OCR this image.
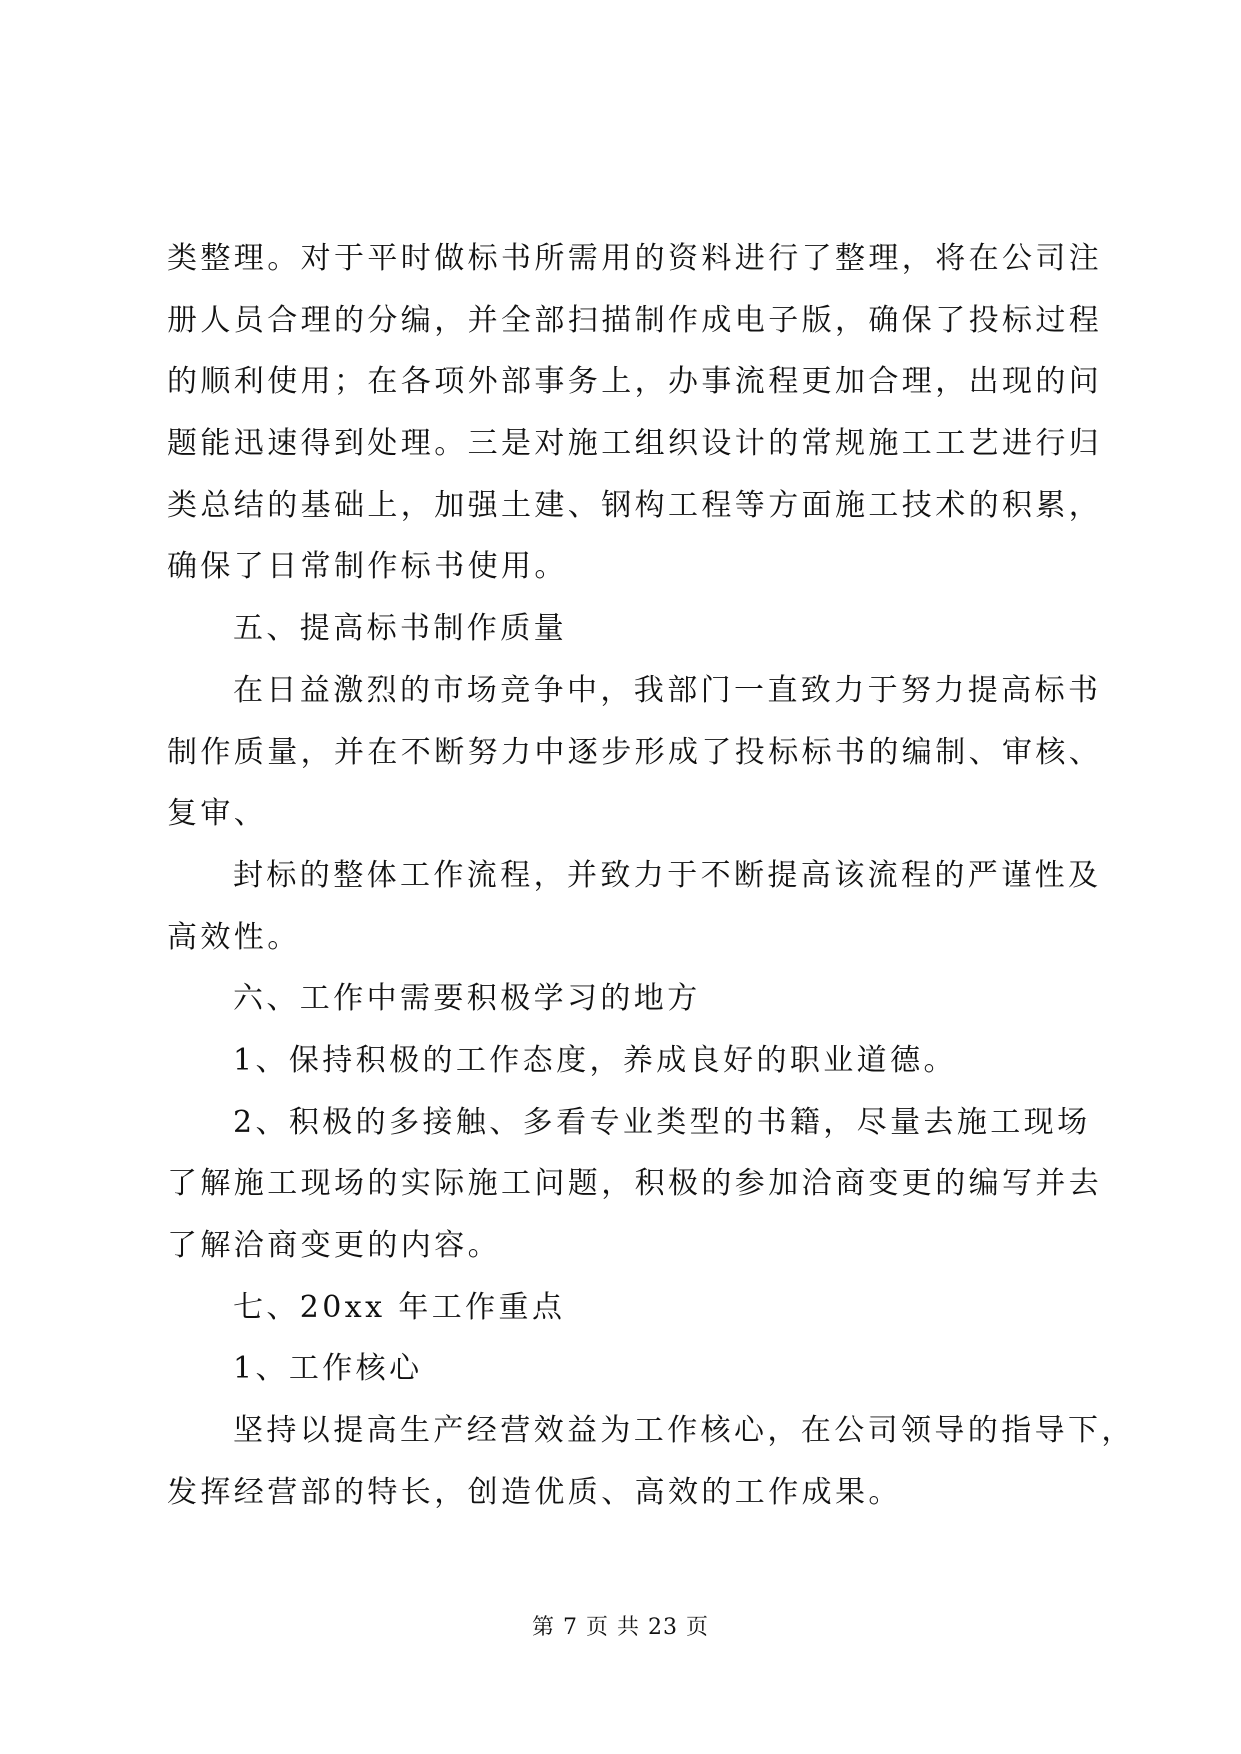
类整理。对于平时做标书所需用的资料进行了整理，将在公司注
册人员合理的分编，并全部扫描制作成电子版，确保了投标过程
的顺利使用；在各项外部事务上，办事流程更加合理，出现的问
题能迅速得到处理。三是对施工组织设计的常规施工工艺进行归
类总结的基础上，加强土建、钢构工程等方面施工技术的积累，
确保了日常制作标书使用。
五、提高标书制作质量
在日益激烈的市场竞争中，我部门一直致力于努力提高标书
制作质量，并在不断努力中逐步形成了投标标书的编制、审核、
复审、
封标的整体工作流程，并致力于不断提高该流程的严谨性及
高效性。
六、工作中需要积极学习的地方
1、保持积极的工作态度，养成良好的职业道德。
2、积极的多接触、多看专业类型的书籍，尽量去施工现场
了解施工现场的实际施工问题，积极的参加洽商变更的编写并去
了解洽商变更的内容。
七、20xx 年工作重点
1、工作核心
坚持以提高生产经营效益为工作核心，在公司领导的指导下，
发挥经营部的特长，创造优质、高效的工作成果。
第 7 页 共 23 页
